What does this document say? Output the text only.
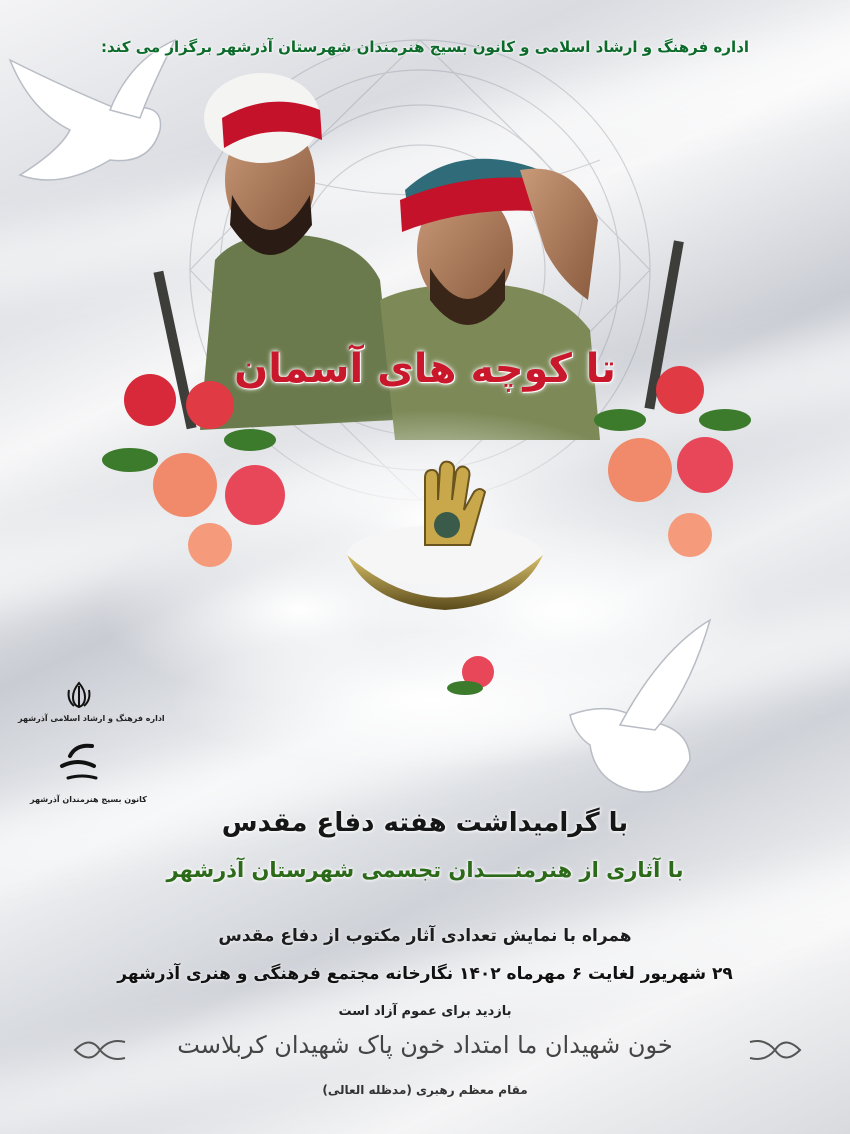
اداره فرهنگ و ارشاد اسلامی و کانون بسیج هنرمندان شهرستان آذرشهر برگزار می کند:
تا کوچه های آسمان
اداره فرهنگ و ارشاد اسلامی آذرشهر
کانون بسیج هنرمندان آذرشهر
با گرامیداشت هفته دفاع مقدس
با آثاری از هنرمنــــدان تجسمی شهرستان آذرشهر
همراه با نمایش تعدادی آثار مکتوب از دفاع مقدس
۲۹ شهریور لغایت ۶ مهرماه ۱۴۰۲ نگارخانه مجتمع فرهنگی و هنری آذرشهر
بازدید برای عموم آزاد است
خون شهیدان ما امتداد خون پاک شهیدان کربلاست
مقام معظم رهبری (مدظله العالی)
